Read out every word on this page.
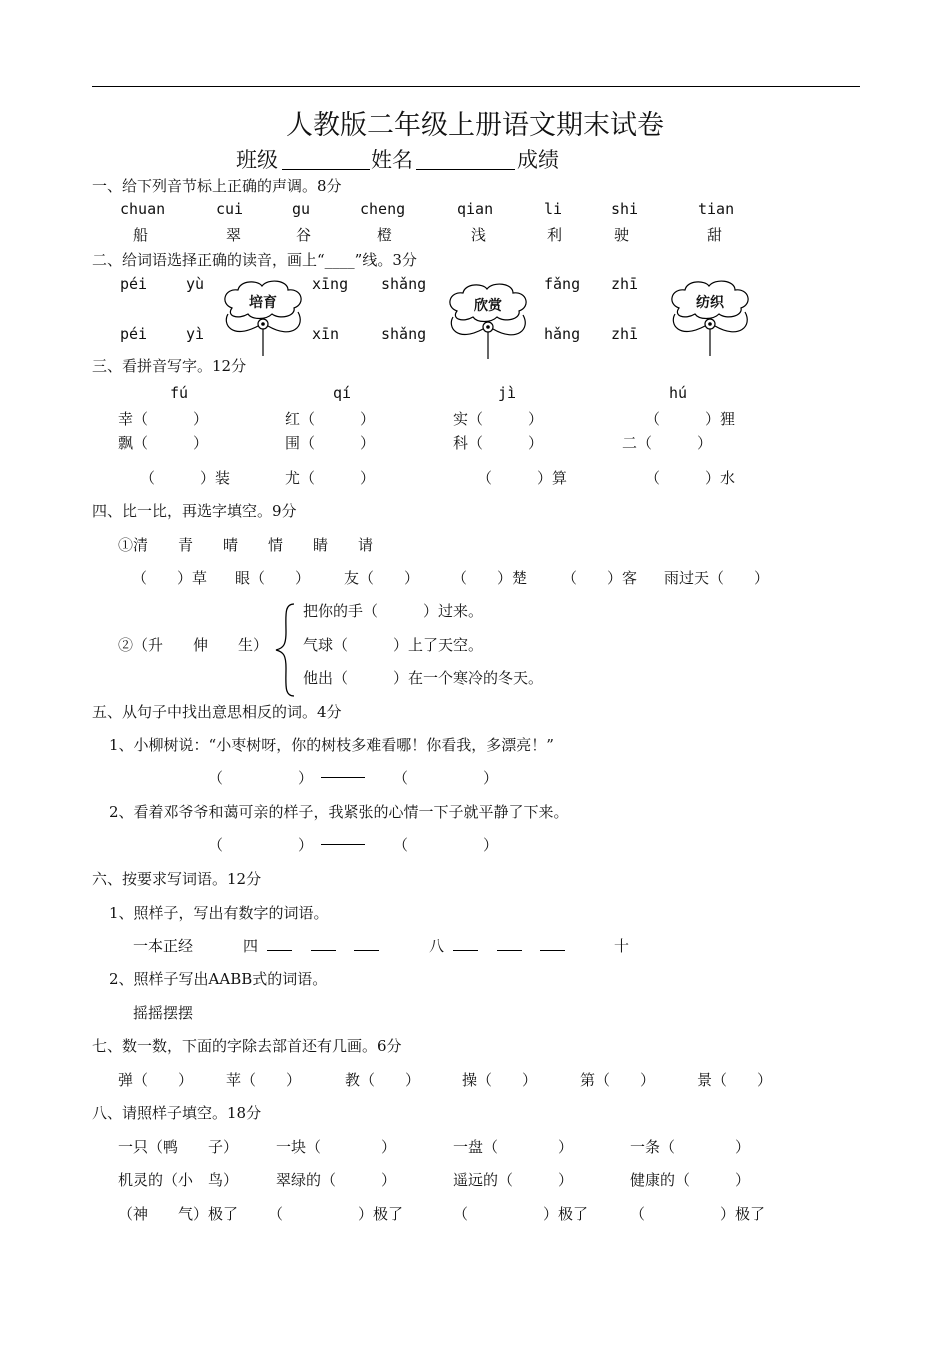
人教版二年级上册语文期末试卷
班级	姓名	成绩
一、给下列音节标上正确的声调。8分
chuan	cui	gu	cheng	qian	li	shi	tian
船	翠	谷	橙	浅	利	驶	甜
二、给词语选择正确的读音，画上“____”线。3分
péi	yù	xīng shǎng	fǎng zhī
péi	yì	xīn	shǎng	hǎng zhī
培育	欣赏	纺织
三、看拼音写字。12分
fú	qí	jì	hú
幸（　　　）	红（　　　）	实（　　　）	（　　　）狸
飘（　　　）	围（　　　）	科（　　　）	二（　　　）
（　　　）装	尤（　　　）	（　　　）算	（　　　）水
四、比一比，再选字填空。9分
①清　　青　　晴　　情　　睛　　请
（　　）草 眼（　　） 友（　　） （　　）楚 （　　）客 雨过天（　　）
②（升　　伸　　生）
把你的手（　　　）过来。
气球（　　　）上了天空。
他出（　　　）在一个寒冷的冬天。
五、从句子中找出意思相反的词。4分
1、小柳树说：“小枣树呀，你的树枝多难看哪！你看我，多漂亮！”
（　　　　　）	（　　　　　）
2、看着邓爷爷和蔼可亲的样子，我紧张的心情一下子就平静了下来。
（　　　　　）	（　　　　　）
六、按要求写词语。12分
1、照样子，写出有数字的词语。
一本正经	四	八	十
2、照样子写出AABB式的词语。
摇摇摆摆
七、数一数，下面的字除去部首还有几画。6分
弹（　　） 苹（　　）	教（　　）	操（　　）	第（　　）	景（　　）
八、请照样子填空。18分
一只（鸭　　子）	一块（　　　　）	一盘（　　　　）	一条（　　　　）
机灵的（小　鸟）	翠绿的（　　　）	遥远的（　　　）	健康的（　　　）
（神　　气）极了 （　　　　　）极了	（　　　　　）极了	（　　　　　）极了
